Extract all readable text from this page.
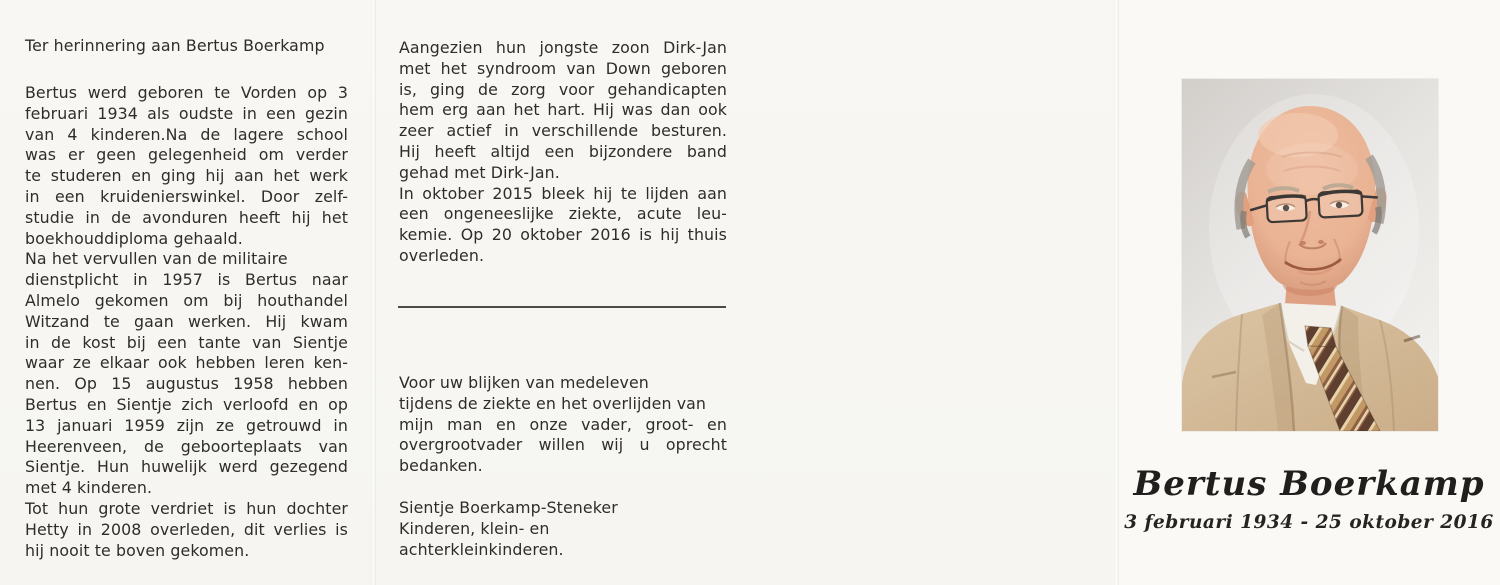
Ter herinnering aan Bertus Boerkamp
Bertus werd geboren te Vorden op 3
februari 1934 als oudste in een gezin
van 4 kinderen.Na de lagere school
was er geen gelegenheid om verder
te studeren en ging hij aan het werk
in een kruidenierswinkel. Door zelf-
studie in de avonduren heeft hij het
boekhouddiploma gehaald.
Na het vervullen van de militaire
dienstplicht in 1957 is Bertus naar
Almelo gekomen om bij houthandel
Witzand te gaan werken. Hij kwam
in de kost bij een tante van Sientje
waar ze elkaar ook hebben leren ken-
nen. Op 15 augustus 1958 hebben
Bertus en Sientje zich verloofd en op
13 januari 1959 zijn ze getrouwd in
Heerenveen, de geboorteplaats van
Sientje. Hun huwelijk werd gezegend
met 4 kinderen.
Tot hun grote verdriet is hun dochter
Hetty in 2008 overleden, dit verlies is
hij nooit te boven gekomen.
Aangezien hun jongste zoon Dirk-Jan
met het syndroom van Down geboren
is, ging de zorg voor gehandicapten
hem erg aan het hart. Hij was dan ook
zeer actief in verschillende besturen.
Hij heeft altijd een bijzondere band
gehad met Dirk-Jan.
In oktober 2015 bleek hij te lijden aan
een ongeneeslijke ziekte, acute leu-
kemie. Op 20 oktober 2016 is hij thuis
overleden.
Voor uw blijken van medeleven
tijdens de ziekte en het overlijden van
mijn man en onze vader, groot- en
overgrootvader willen wij u oprecht
bedanken.
Sientje Boerkamp-Steneker
Kinderen, klein- en
achterkleinkinderen.
Bertus Boerkamp
3 februari 1934 - 25 oktober 2016
